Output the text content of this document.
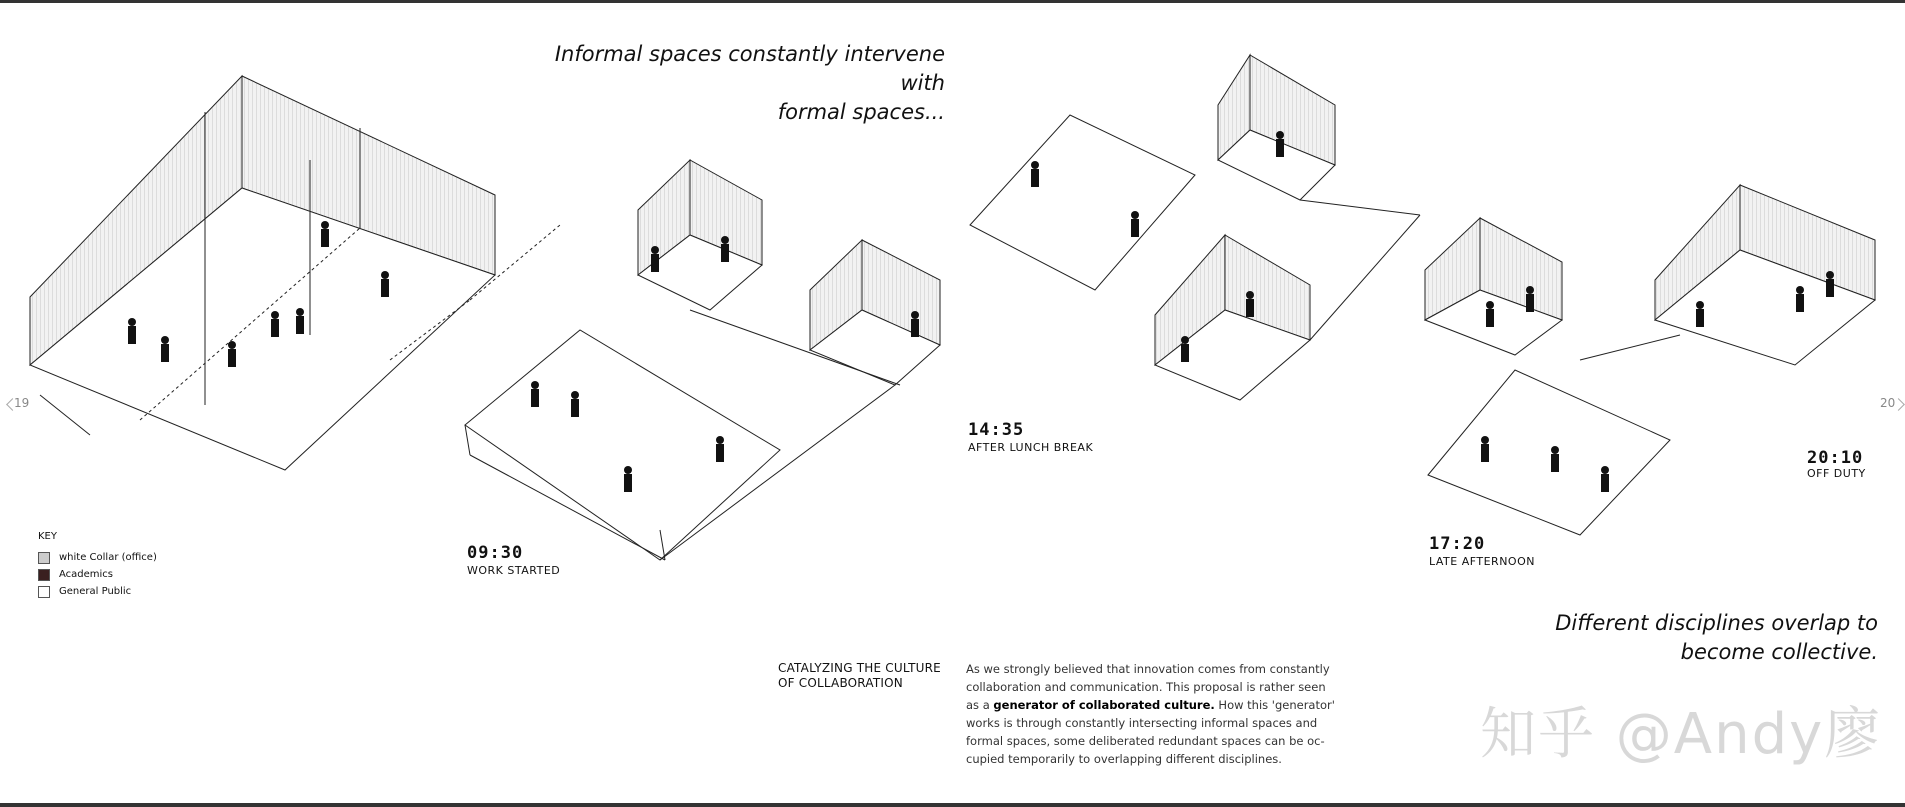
Informal spaces constantly intervene with
formal spaces...
Different disciplines overlap to
become collective.
19	20
09:30
WORK STARTED
14:35
AFTER LUNCH BREAK
17:20
LATE AFTERNOON
20:10
OFF DUTY
KEY
white Collar (office)
Academics
General Public
CATALYZING THE CULTURE
OF COLLABORATION
As we strongly believed that innovation comes from constantly collaboration and communication. This proposal is rather seen as a generator of collaborated culture. How this 'generator' works is through constantly intersecting informal spaces and formal spaces, some deliberated redundant spaces can be oc-cupied temporarily to overlapping different disciplines.	知乎 @Andy廖
